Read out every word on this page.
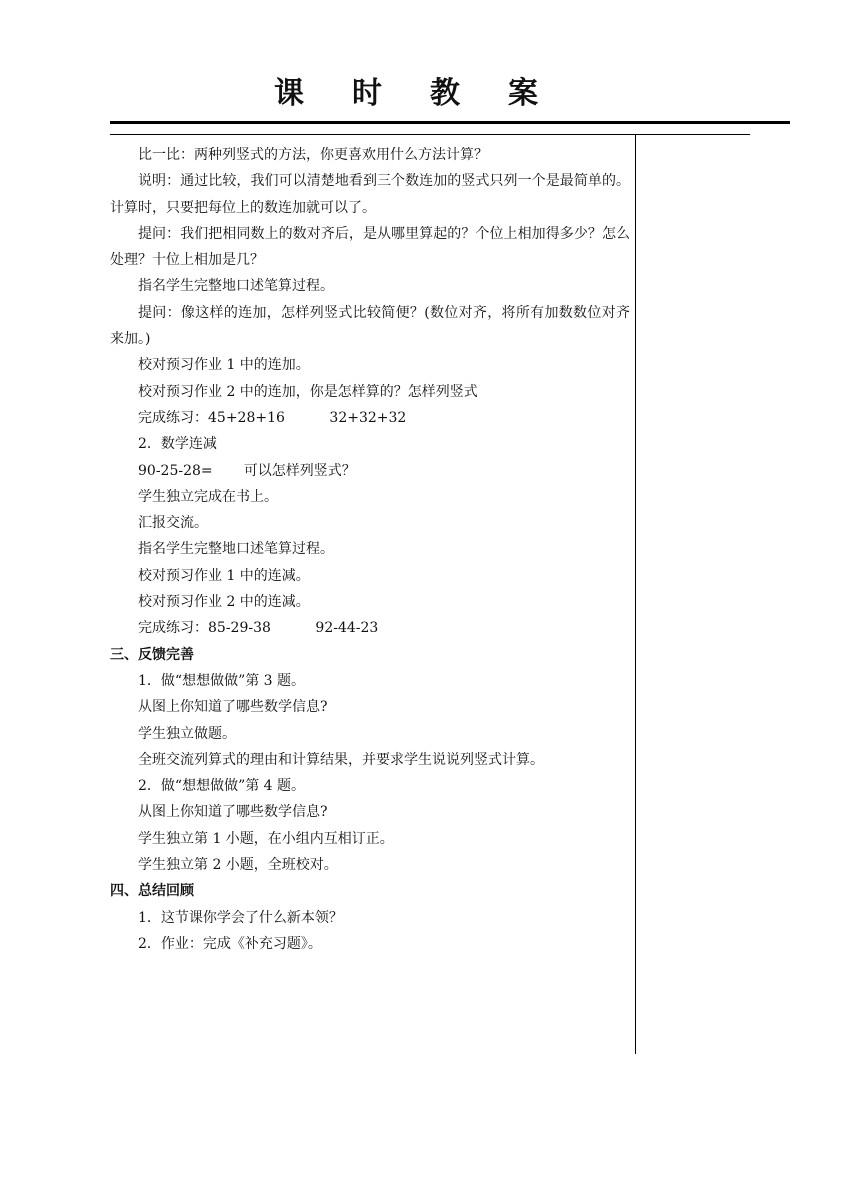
课时教案

比一比：两种列竖式的方法，你更喜欢用什么方法计算？

说明：通过比较，我们可以清楚地看到三个数连加的竖式只列一个是最简单的。计算时，只要把每位上的数连加就可以了。

提问：我们把相同数上的数对齐后，是从哪里算起的？个位上相加得多少？怎么处理？十位上相加是几？

指名学生完整地口述笔算过程。

提问：像这样的连加，怎样列竖式比较简便？(数位对齐，将所有加数数位对齐来加。)

校对预习作业 1 中的连加。

校对预习作业 2 中的连加，你是怎样算的？怎样列竖式

完成练习：45+28+16          32+32+32

2．数学连减

90-25-28=       可以怎样列竖式？

学生独立完成在书上。

汇报交流。

指名学生完整地口述笔算过程。

校对预习作业 1 中的连减。

校对预习作业 2 中的连减。

完成练习：85-29-38          92-44-23

三、反馈完善

1．做“想想做做”第 3 题。

从图上你知道了哪些数学信息?

学生独立做题。

全班交流列算式的理由和计算结果，并要求学生说说列竖式计算。

2．做“想想做做”第 4 题。

从图上你知道了哪些数学信息?

学生独立第 1 小题，在小组内互相订正。

学生独立第 2 小题，全班校对。

四、总结回顾

1．这节课你学会了什么新本领？

2．作业：完成《补充习题》。
